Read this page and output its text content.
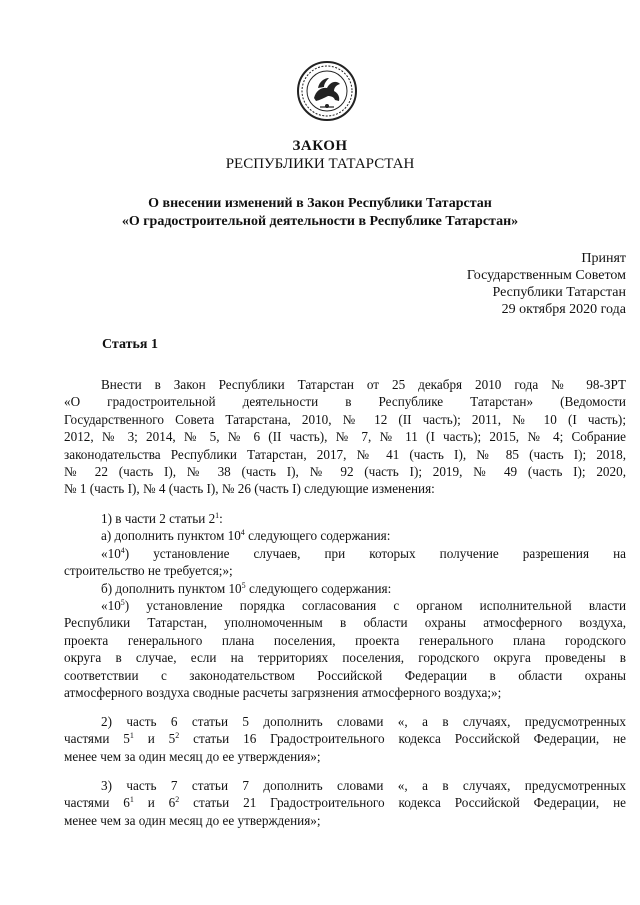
ЗАКОН
РЕСПУБЛИКИ ТАТАРСТАН
О внесении изменений в Закон Республики Татарстан
«О градостроительной деятельности в Республике Татарстан»
Принят
Государственным Советом
Республики Татарстан
29 октября 2020 года
Статья 1
Внести в Закон Республики Татарстан от 25 декабря 2010 года № 98-ЗРТ
«О градостроительной деятельности в Республике Татарстан» (Ведомости
Государственного Совета Татарстана, 2010, № 12 (II часть); 2011, № 10 (I часть);
2012, № 3; 2014, № 5, № 6 (II часть), № 7, № 11 (I часть); 2015, № 4; Собрание
законодательства Республики Татарстан, 2017, № 41 (часть I), № 85 (часть I); 2018,
№ 22 (часть I), № 38 (часть I), № 92 (часть I); 2019, № 49 (часть I); 2020,
№ 1 (часть I), № 4 (часть I), № 26 (часть I) следующие изменения:
1) в части 2 статьи $2^1$:
а) дополнить пунктом $10^4$ следующего содержания:
«$10^4$) установление случаев, при которых получение разрешения на
строительство не требуется;»;
б) дополнить пунктом $10^5$ следующего содержания:
«$10^5$) установление порядка согласования с органом исполнительной власти
Республики Татарстан, уполномоченным в области охраны атмосферного воздуха,
проекта генерального плана поселения, проекта генерального плана городского
округа в случае, если на территориях поселения, городского округа проведены в
соответствии с законодательством Российской Федерации в области охраны
атмосферного воздуха сводные расчеты загрязнения атмосферного воздуха;»;
2) часть 6 статьи 5 дополнить словами «, а в случаях, предусмотренных
частями $5^1$ и $5^2$ статьи 16 Градостроительного кодекса Российской Федерации, не
менее чем за один месяц до ее утверждения»;
3) часть 7 статьи 7 дополнить словами «, а в случаях, предусмотренных
частями $6^1$ и $6^2$ статьи 21 Градостроительного кодекса Российской Федерации, не
менее чем за один месяц до ее утверждения»;
